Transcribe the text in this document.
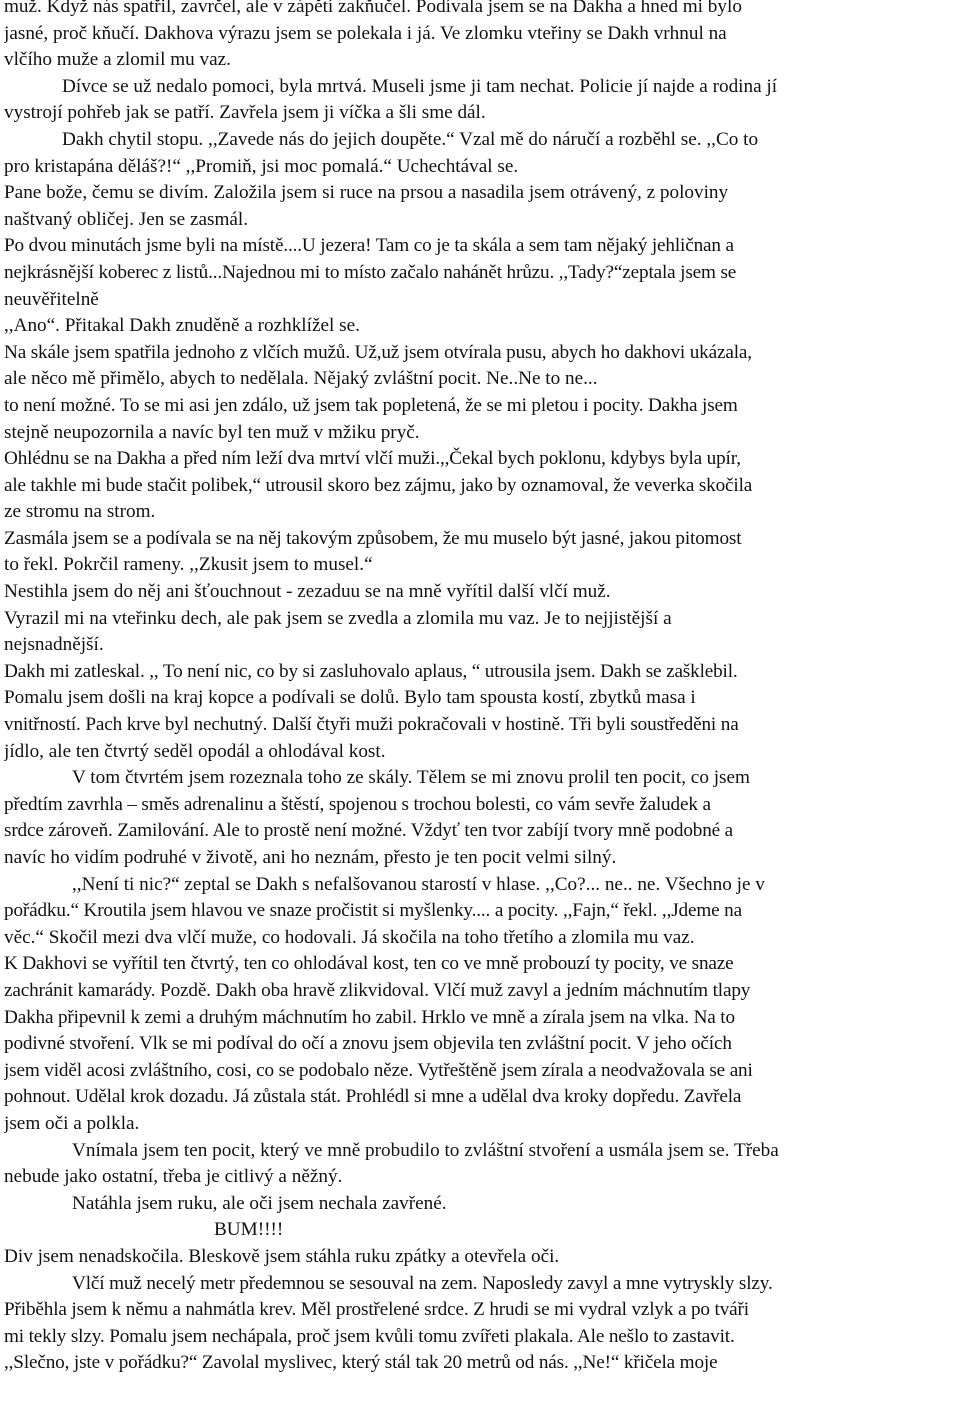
muž. Když nás spatřil, zavrčel, ale v zápětí zakňučel. Podívala jsem se na Dakha a hned mi bylo
jasné, proč kňučí. Dakhova výrazu jsem se polekala i já. Ve zlomku vteřiny se Dakh vrhnul na
vlčího muže a zlomil mu vaz.
Dívce se už nedalo pomoci, byla mrtvá. Museli jsme ji tam nechat. Policie jí najde a rodina jí
vystrojí pohřeb jak se patří. Zavřela jsem ji víčka a šli sme dál.
Dakh chytil stopu. ,,Zavede nás do jejich doupěte.“ Vzal mě do náručí a rozběhl se. ,,Co to
pro kristapána děláš?!“ ,,Promiň, jsi moc pomalá.“ Uchechtával se.
Pane bože, čemu se divím. Založila jsem si ruce na prsou a nasadila jsem otrávený, z poloviny
naštvaný obličej. Jen se zasmál.
Po dvou minutách jsme byli na místě....U jezera! Tam co je ta skála a sem tam nějaký jehličnan a
nejkrásnější koberec z listů...Najednou mi to místo začalo nahánět hrůzu. ,,Tady?“zeptala jsem se
neuvěřitelně
,,Ano“. Přitakal Dakh znuděně a rozhklížel se.
Na skále jsem spatřila jednoho z vlčích mužů. Už,už jsem otvírala pusu, abych ho dakhovi ukázala,
ale něco mě přimělo, abych to nedělala. Nějaký zvláštní pocit. Ne..Ne to ne...
to není možné. To se mi asi jen zdálo, už jsem tak popletená, že se mi pletou i pocity. Dakha jsem
stejně neupozornila a navíc byl ten muž v mžiku pryč.
Ohlédnu se na Dakha a před ním leží dva mrtví vlčí muži.,,Čekal bych poklonu, kdybys byla upír,
ale takhle mi bude stačit polibek,“ utrousil skoro bez zájmu, jako by oznamoval, že veverka skočila
ze stromu na strom.
Zasmála jsem se a podívala se na něj takovým způsobem, že mu muselo být jasné, jakou pitomost
to řekl. Pokrčil rameny. ,,Zkusit jsem to musel.“
Nestihla jsem do něj ani šťouchnout - zezaduu se na mně vyřítil další vlčí muž.
Vyrazil mi na vteřinku dech, ale pak jsem se zvedla a zlomila mu vaz. Je to nejjistější a
nejsnadnější.
Dakh mi zatleskal. ,, To není nic, co by si zasluhovalo aplaus, “ utrousila jsem. Dakh se zašklebil.
Pomalu jsem došli na kraj kopce a podívali se dolů. Bylo tam spousta kostí, zbytků masa i
vnitřností. Pach krve byl nechutný. Další čtyři muži pokračovali v hostině. Tři byli soustředěni na
jídlo, ale ten čtvrtý seděl opodál a ohlodával kost.
V tom čtvrtém jsem rozeznala toho ze skály. Tělem se mi znovu prolil ten pocit, co jsem
předtím zavrhla – směs adrenalinu a štěstí, spojenou s trochou bolesti, co vám sevře žaludek a
srdce zároveň. Zamilování. Ale to prostě není možné. Vždyť ten tvor zabíjí tvory mně podobné a
navíc ho vidím podruhé v životě, ani ho neznám, přesto je ten pocit velmi silný.
,,Není ti nic?“ zeptal se Dakh s nefalšovanou starostí v hlase. ,,Co?... ne.. ne. Všechno je v
pořádku.“ Kroutila jsem hlavou ve snaze pročistit si myšlenky.... a pocity. ,,Fajn,“ řekl. ,,Jdeme na
věc.“ Skočil mezi dva vlčí muže, co hodovali. Já skočila na toho třetího a zlomila mu vaz.
K Dakhovi se vyřítil ten čtvrtý, ten co ohlodával kost, ten co ve mně probouzí ty pocity, ve snaze
zachránit kamarády. Pozdě. Dakh oba hravě zlikvidoval. Vlčí muž zavyl a jedním máchnutím tlapy
Dakha připevnil k zemi a druhým máchnutím ho zabil. Hrklo ve mně a zírala jsem na vlka. Na to
podivné stvoření. Vlk se mi podíval do očí a znovu jsem objevila ten zvláštní pocit. V jeho očích
jsem viděl acosi zvláštního, cosi, co se podobalo něze. Vytřeštěně jsem zírala a neodvažovala se ani
pohnout. Udělal krok dozadu. Já zůstala stát. Prohlédl si mne a udělal dva kroky dopředu. Zavřela
jsem oči a polkla.
Vnímala jsem ten pocit, který ve mně probudilo to zvláštní stvoření a usmála jsem se. Třeba
nebude jako ostatní, třeba je citlivý a něžný.
Natáhla jsem ruku, ale oči jsem nechala zavřené.
BUM!!!!
Div jsem nenadskočila. Bleskově jsem stáhla ruku zpátky a otevřela oči.
Vlčí muž necelý metr předemnou se sesouval na zem. Naposledy zavyl a mne vytryskly slzy.
Přiběhla jsem k němu a nahmátla krev. Měl prostřelené srdce. Z hrudi se mi vydral vzlyk a po tváři
mi tekly slzy. Pomalu jsem nechápala, proč jsem kvůli tomu zvířeti plakala. Ale nešlo to zastavit.
,,Slečno, jste v pořádku?“ Zavolal myslivec, který stál tak 20 metrů od nás. ,,Ne!“ křičela moje
